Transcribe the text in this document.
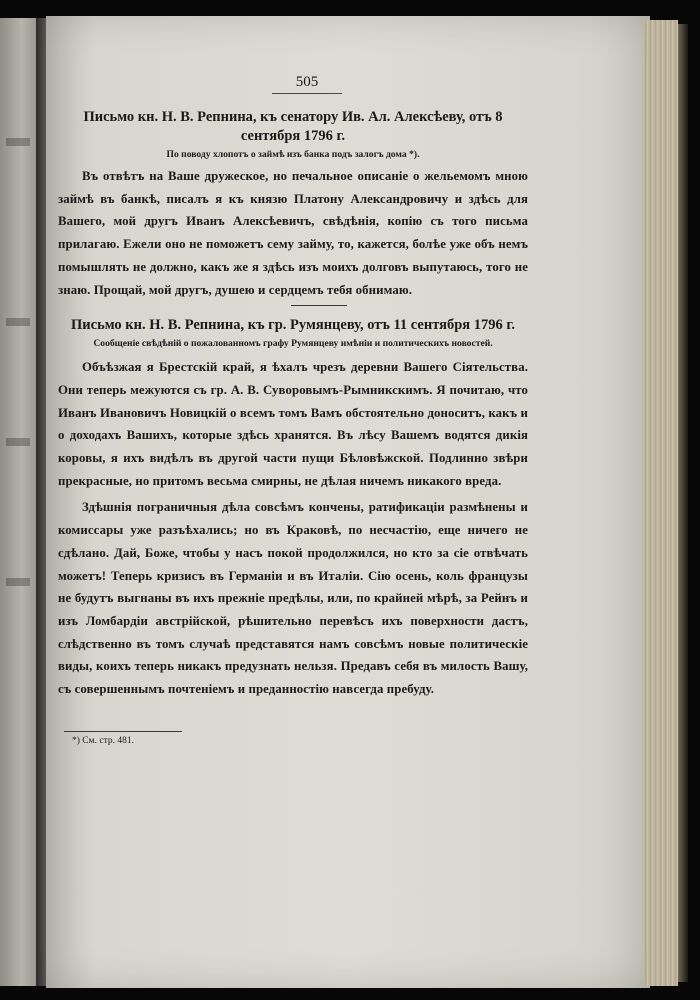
505
Письмо кн. Н. В. Репнина, къ сенатору Ив. Ал. Алексѣеву, отъ 8 сентября 1796 г.
По поводу хлопотъ о займѣ изъ банка подъ залогъ дома *).

Въ отвѣтъ на Ваше дружеское, но печальное описаніе о жельемомъ мною займѣ въ банкѣ, писалъ я къ князю Платону Александровичу и здѣсь для Вашего, мой другъ Иванъ Алексѣевичъ, свѣдѣнія, копію съ того письма прилагаю. Ежели оно не поможетъ сему займу, то, кажется, болѣе уже объ немъ помышлять не должно, какъ же я здѣсь изъ моихъ долговъ выпутаюсь, того не знаю. Прощай, мой другъ, душею и сердцемъ тебя обнимаю.

Письмо кн. Н. В. Репнина, къ гр. Румянцеву, отъ 11 сентября 1796 г.
Сообщеніе свѣдѣній о пожалованномъ графу Румянцеву имѣніи и политическихъ новостей.

Объѣзжая я Брестскій край, я ѣхалъ чрезъ деревни Вашего Сіятельства. Они теперь межуются съ гр. А. В. Суворовымъ-Рымникскимъ. Я почитаю, что Иванъ Ивановичъ Новицкій о всемъ томъ Вамъ обстоятельно доноситъ, какъ и о доходахъ Вашихъ, которые здѣсь хранятся. Въ лѣсу Вашемъ водятся дикія коровы, я ихъ видѣлъ въ другой части пущи Бѣловѣжской. Подлинно звѣри прекрасные, но притомъ весьма смирны, не дѣлая ничемъ никакого вреда.

Здѣшнія пограничныя дѣла совсѣмъ кончены, ратификаціи размѣнены и комиссары уже разъѣхались; но въ Краковѣ, по несчастію, еще ничего не сдѣлано. Дай, Боже, чтобы у насъ покой продолжился, но кто за сіе отвѣчать можетъ! Теперь кризисъ въ Германіи и въ Италіи. Сію осень, коль французы не будутъ выгнаны въ ихъ прежніе предѣлы, или, по крайней мѣрѣ, за Рейнъ и изъ Ломбардіи австрійской, рѣшительно перевѣсъ ихъ поверхности дастъ, слѣдственно въ томъ случаѣ представятся намъ совсѣмъ новые политическіе виды, коихъ теперь никакъ предузнать нельзя. Предавъ себя въ милость Вашу, съ совершеннымъ почтеніемъ и преданностію навсегда пребуду.

*) См. стр. 481.
